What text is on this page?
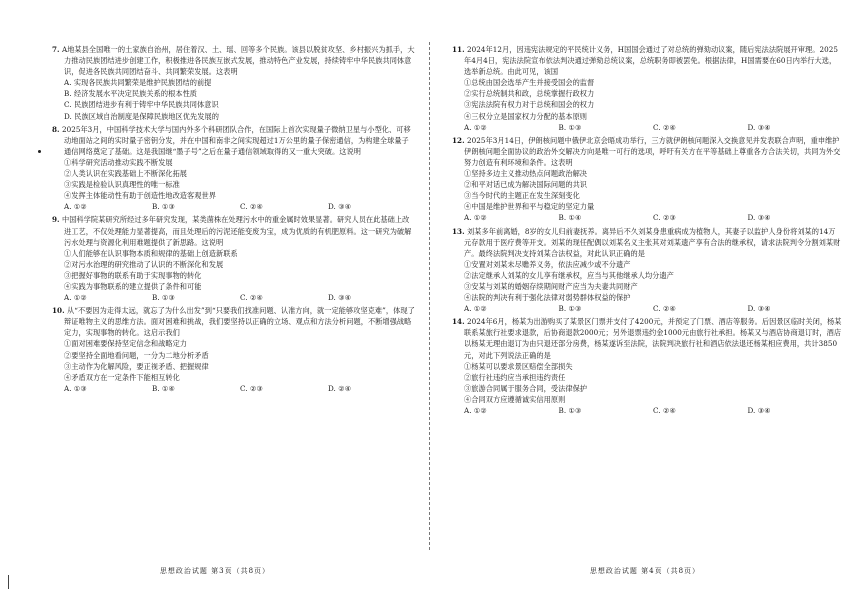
7. A地某县全国唯一的土家族自治州，居住着汉、土、瑶、回等多个民族。该县以脱贫攻坚、乡村振兴为抓手，大力推动民族团结进步创建工作，积极推进各民族互嵌式发展，推动特色产业发展，持续铸牢中华民族共同体意识，促进各民族共同团结奋斗、共同繁荣发展。这表明

A. 实现各民族共同繁荣是维护民族团结的前提

B. 经济发展水平决定民族关系的根本性质

C. 民族团结进步有利于铸牢中华民族共同体意识

D. 民族区域自治制度是保障民族地区优先发展的

8. 2025年3月，中国科学技术大学与国内外多个科研团队合作，在国际上首次实现量子微纳卫星与小型化、可移动地面站之间的实时量子密钥分发，并在中国和南非之间实现超过1万公里的量子保密通信，为构建全球量子通信网络奠定了基础。这是我国继“墨子号”之后在量子通信领域取得的又一重大突破。这说明

①科学研究活动推动实践不断发展

②人类认识在实践基础上不断深化拓展

③实践是检验认识真理性的唯一标准

④发挥主体能动性有助于创造性地改造客观世界

A. ①②	B. ①③	C. ②④	D. ③④

9. 中国科学院某研究所经过多年研究发现，某类菌株在处理污水中的重金属时效果显著。研究人员在此基础上改进工艺，不仅处理能力显著提高，而且处理后的污泥还能变废为宝，成为优质的有机肥原料。这一研究为破解污水处理与资源化利用难题提供了新思路。这说明

①人们能够在认识事物本质和规律的基础上创造新联系

②对污水治理的研究推动了认识的不断深化和发展

③把握好事物的联系有助于实现事物的转化

④实践为事物联系的建立提供了条件和可能

A. ①②	B. ①③	C. ②④	D. ③④

10. 从“不要因为走得太远，就忘了为什么出发”到“只要我们找准问题、认准方向，就一定能够攻坚克难”，体现了辩证唯物主义的思维方法。面对困难和挑战，我们要坚持以正确的立场、观点和方法分析问题，不断增强战略定力，实现事物的转化。这启示我们

①面对困难要保持坚定信念和战略定力

②要坚持全面地看问题，一分为二地分析矛盾

③主动作为化解风险，要正视矛盾、把握规律

④矛盾双方在一定条件下能相互转化

A. ①③	B. ①④	C. ②③	D. ②④
思想政治试题 第3页（共8页）

11. 2024年12月，因违宪法规定的平民统计义务，H国国会通过了对总统的弹劾动议案，随后宪法法院展开审理。2025年4月4日，宪法法院宣布依法判决通过弹劾总统议案，总统职务即被罢免。根据法律，H国需要在60日内举行大选，选举新总统。由此可见，该国

①总统由国会选举产生并接受国会的监督

②实行总统制共和政，总统掌握行政权力

③宪法法院有权力对于总统和国会的权力

④三权分立是国家权力分配的基本原则

A. ①②	B. ①③	C. ②④	D. ③④

12. 2025年3月14日，伊朗核问题中俄伊北京会晤成功举行，三方就伊朗核问题深入交换意见并发表联合声明，重申维护伊朗核问题全面协议的政治外交解决方向是唯一可行的选项，呼吁有关方在平等基础上尊重各方合法关切，共同为外交努力创造有利环境和条件。这表明

①坚持多边主义推动热点问题政治解决

②和平对话已成为解决国际问题的共识

③当今时代的主题正在发生深刻变化

④中国是维护世界和平与稳定的坚定力量

A. ①②	B. ①④	C. ②③	D. ③④

13. 刘某多年前离婚，8岁的女儿归前妻抚养。离异后不久刘某身患重病成为植物人，其妻子以监护人身份将刘某的14万元存款用于医疗费等开支。刘某的现任配偶以刘某名义主张其对刘某遗产享有合法的继承权，请求法院判令分割刘某财产。最终法院判决支持刘某合法权益，对此认识正确的是

①安置对刘某未尽赡养义务，依法应减少或不分遗产

②法定继承人刘某的女儿享有继承权，应当与其他继承人均分遗产

③安某与刘某的婚姻存续期间财产应当为夫妻共同财产

④法院的判决有利于强化法律对弱势群体权益的保护

A. ①②	B. ①③	C. ②④	D. ③④

14. 2024年6月，杨某为出游购买了某景区门票并支付了4200元，并预定了门票、酒店等服务。后因景区临时关闭，杨某联系某旅行社要求退款，后协商退款2000元；另外退票违约金1000元由旅行社承担。杨某又与酒店协商退订时，酒店以杨某无理由退订为由只退还部分房费，杨某遂诉至法院，法院判决旅行社和酒店依法退还杨某相应费用，共计3850元，对此下列说法正确的是

①杨某可以要求景区赔偿全部损失

②旅行社违约应当承担违约责任

③旅游合同属于服务合同，受法律保护

④合同双方应遵循诚实信用原则

A. ①②	B. ①③	C. ②④	D. ③④
思想政治试题 第4页（共8页）
